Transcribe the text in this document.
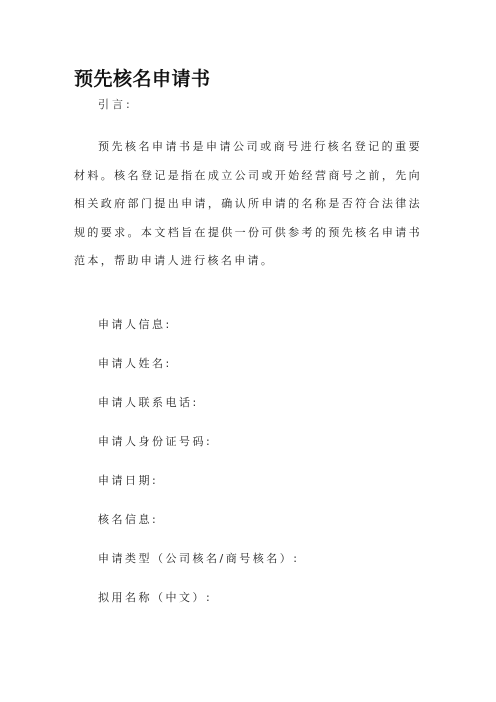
预先核名申请书
引言:

预先核名申请书是申请公司或商号进行核名登记的重要材料。核名登记是指在成立公司或开始经营商号之前，先向相关政府部门提出申请，确认所申请的名称是否符合法律法规的要求。本文档旨在提供一份可供参考的预先核名申请书范本，帮助申请人进行核名申请。

申请人信息:
申请人姓名:
申请人联系电话:
申请人身份证号码:
申请日期:
核名信息:
申请类型（公司核名/商号核名）:
拟用名称（中文）:
